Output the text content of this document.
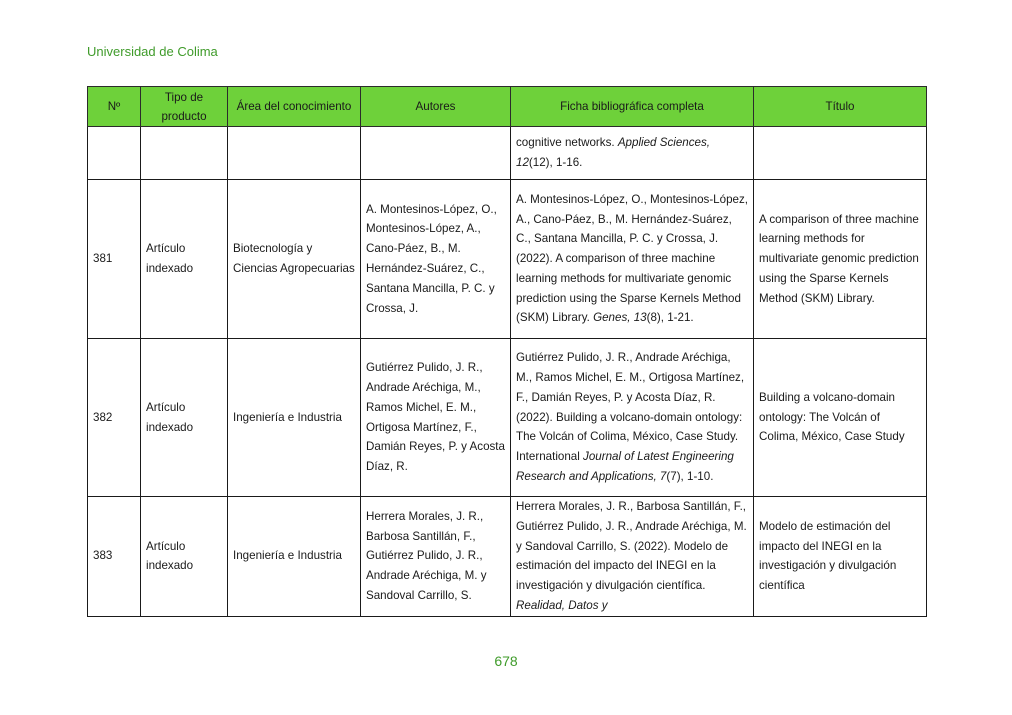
Universidad de Colima
Nº	Tipo de producto	Área del conocimiento	Autores	Ficha bibliográfica completa	Título
				cognitive networks. Applied Sciences, 12(12), 1-16.	
381	Artículo indexado	Biotecnología y Ciencias Agropecuarias	A. Montesinos-López, O., Montesinos-López, A., Cano-Páez, B., M. Hernández-Suárez, C., Santana Mancilla, P. C. y Crossa, J.	A. Montesinos-López, O., Montesinos-López, A., Cano-Páez, B., M. Hernández-Suárez, C., Santana Mancilla, P. C. y Crossa, J. (2022). A comparison of three machine learning methods for multivariate genomic prediction using the Sparse Kernels Method (SKM) Library. Genes, 13(8), 1-21.	A comparison of three machine learning methods for multivariate genomic prediction using the Sparse Kernels Method (SKM) Library.
382	Artículo indexado	Ingeniería e Industria	Gutiérrez Pulido, J. R., Andrade Aréchiga, M., Ramos Michel, E. M., Ortigosa Martínez, F., Damián Reyes, P. y Acosta Díaz, R.	Gutiérrez Pulido, J. R., Andrade Aréchiga, M., Ramos Michel, E. M., Ortigosa Martínez, F., Damián Reyes, P. y Acosta Díaz, R. (2022). Building a volcano-domain ontology: The Volcán of Colima, México, Case Study. International Journal of Latest Engineering Research and Applications, 7(7), 1-10.	Building a volcano-domain ontology: The Volcán of Colima, México, Case Study
383	Artículo indexado	Ingeniería e Industria	Herrera Morales, J. R., Barbosa Santillán, F., Gutiérrez Pulido, J. R., Andrade Aréchiga, M. y Sandoval Carrillo, S.	Herrera Morales, J. R., Barbosa Santillán, F., Gutiérrez Pulido, J. R., Andrade Aréchiga, M. y Sandoval Carrillo, S. (2022). Modelo de estimación del impacto del INEGI en la investigación y divulgación científica. Realidad, Datos y	Modelo de estimación del impacto del INEGI en la investigación y divulgación científica
678
